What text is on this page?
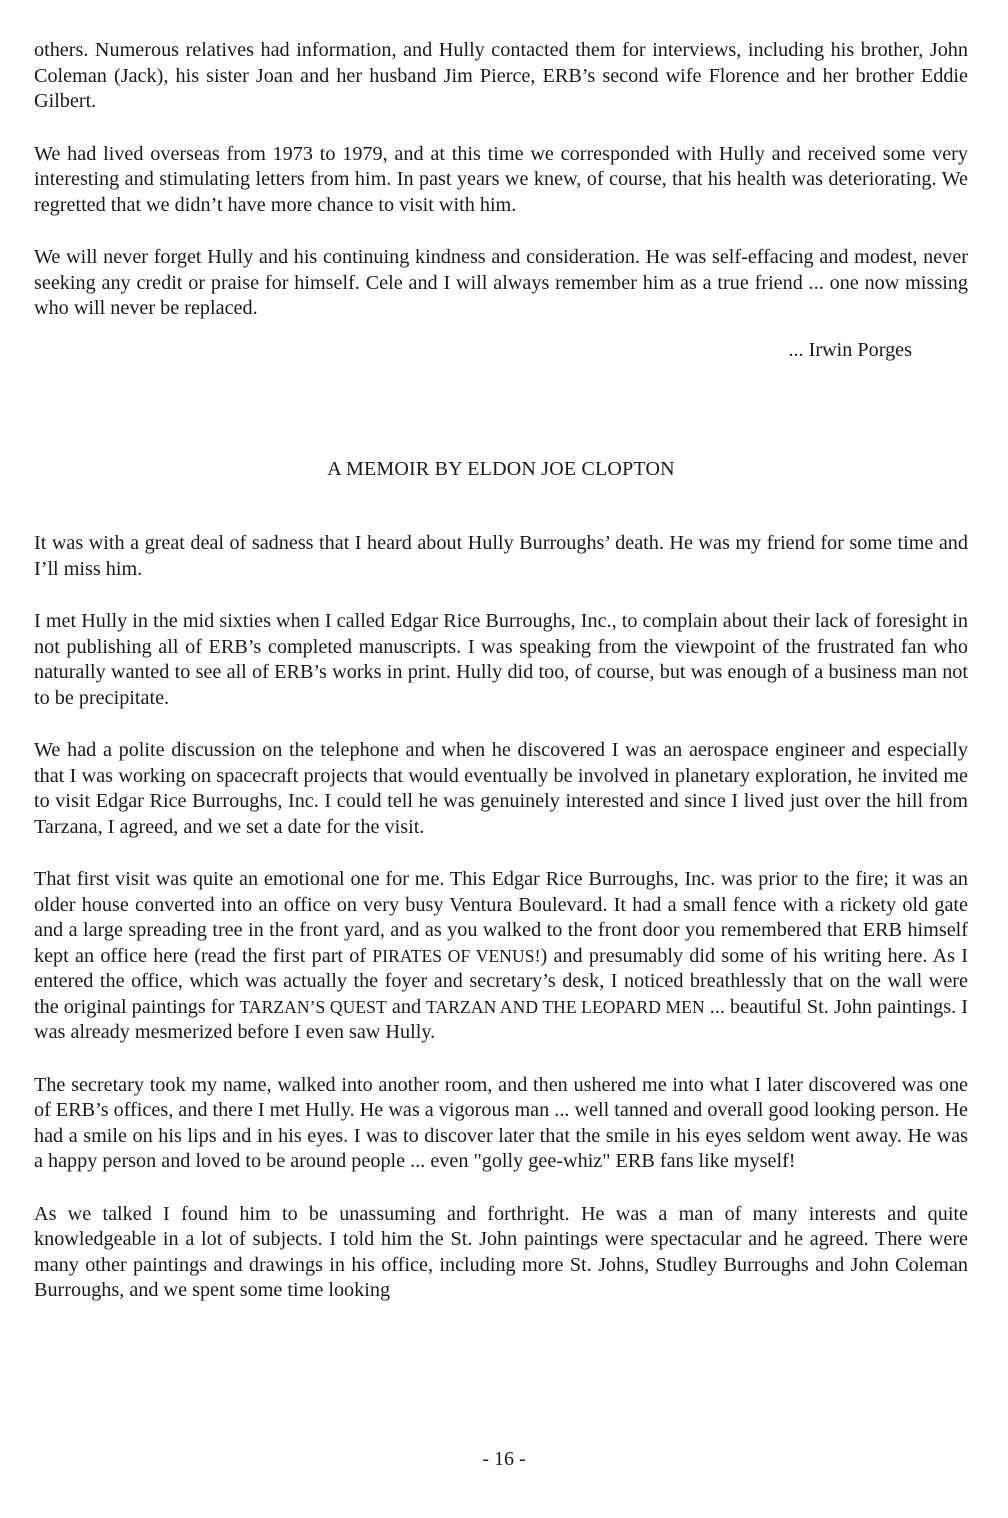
others. Numerous relatives had information, and Hully contacted them for interviews, including his brother, John Coleman (Jack), his sister Joan and her husband Jim Pierce, ERB’s second wife Florence and her brother Eddie Gilbert.

We had lived overseas from 1973 to 1979, and at this time we corresponded with Hully and received some very interesting and stimulating letters from him. In past years we knew, of course, that his health was deteriorating. We regretted that we didn’t have more chance to visit with him.

We will never forget Hully and his continuing kindness and consideration. He was self-effacing and modest, never seeking any credit or praise for himself. Cele and I will always remember him as a true friend ... one now missing who will never be replaced.

... Irwin Porges

A MEMOIR BY ELDON JOE CLOPTON

It was with a great deal of sadness that I heard about Hully Burroughs’ death. He was my friend for some time and I’ll miss him.

I met Hully in the mid sixties when I called Edgar Rice Burroughs, Inc., to complain about their lack of foresight in not publishing all of ERB’s completed manuscripts. I was speaking from the viewpoint of the frustrated fan who naturally wanted to see all of ERB’s works in print. Hully did too, of course, but was enough of a business man not to be precipitate.

We had a polite discussion on the telephone and when he discovered I was an aerospace engineer and especially that I was working on spacecraft projects that would eventually be involved in planetary exploration, he invited me to visit Edgar Rice Burroughs, Inc. I could tell he was genuinely interested and since I lived just over the hill from Tarzana, I agreed, and we set a date for the visit.

That first visit was quite an emotional one for me. This Edgar Rice Burroughs, Inc. was prior to the fire; it was an older house converted into an office on very busy Ventura Boulevard. It had a small fence with a rickety old gate and a large spreading tree in the front yard, and as you walked to the front door you remembered that ERB himself kept an office here (read the first part of PIRATES OF VENUS!) and presumably did some of his writing here. As I entered the office, which was actually the foyer and secretary’s desk, I noticed breathlessly that on the wall were the original paintings for TARZAN’S QUEST and TARZAN AND THE LEOPARD MEN ... beautiful St. John paintings. I was already mesmerized before I even saw Hully.

The secretary took my name, walked into another room, and then ushered me into what I later discovered was one of ERB’s offices, and there I met Hully. He was a vigorous man ... well tanned and overall good looking person. He had a smile on his lips and in his eyes. I was to discover later that the smile in his eyes seldom went away. He was a happy person and loved to be around people ... even "golly gee-whiz" ERB fans like myself!

As we talked I found him to be unassuming and forthright. He was a man of many interests and quite knowledgeable in a lot of subjects. I told him the St. John paintings were spectacular and he agreed. There were many other paintings and drawings in his office, including more St. Johns, Studley Burroughs and John Coleman Burroughs, and we spent some time looking

- 16 -
